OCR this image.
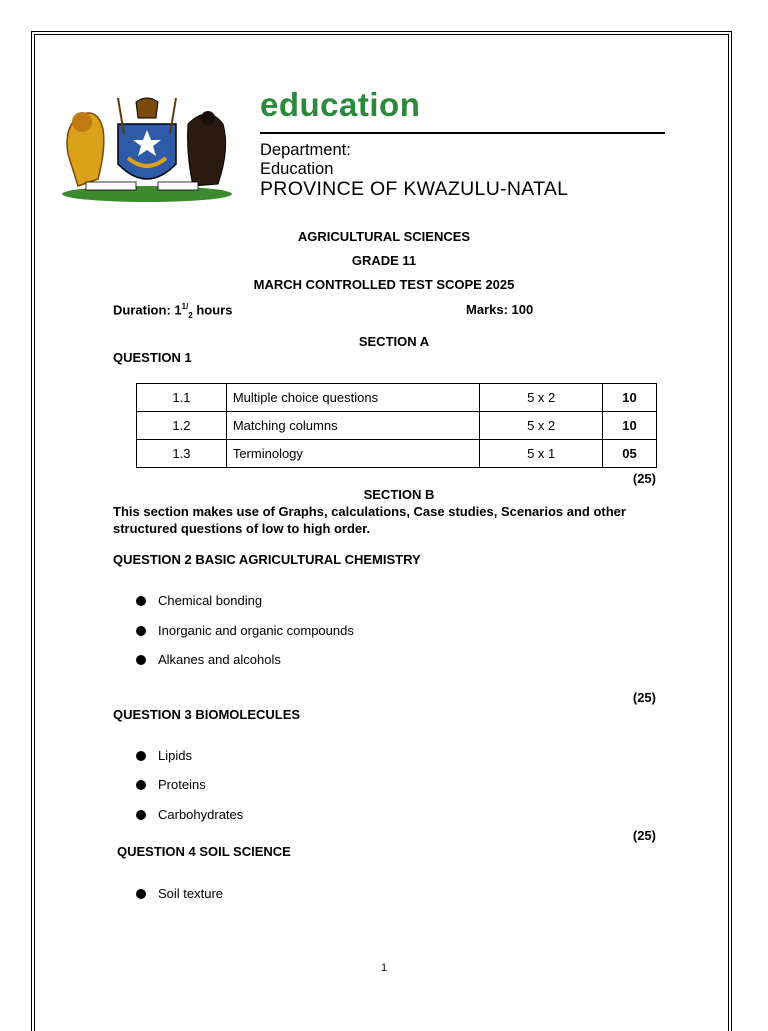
education
Department:
Education
PROVINCE OF KWAZULU-NATAL
AGRICULTURAL SCIENCES
GRADE 11
MARCH CONTROLLED TEST SCOPE 2025
Duration: $1^{1/}_2$ hours	Marks: 100
SECTION A
QUESTION 1
1.1	Multiple choice questions	5 x 2	10
1.2	Matching columns	5 x 2	10
1.3	Terminology	5 x 1	05
(25)
SECTION B
This section makes use of Graphs, calculations, Case studies, Scenarios and other structured questions of low to high order.
QUESTION 2 BASIC AGRICULTURAL CHEMISTRY
Chemical bonding
Inorganic and organic compounds
Alkanes and alcohols
(25)
QUESTION 3 BIOMOLECULES
Lipids
Proteins
Carbohydrates
(25)
QUESTION 4 SOIL SCIENCE
Soil texture
1
